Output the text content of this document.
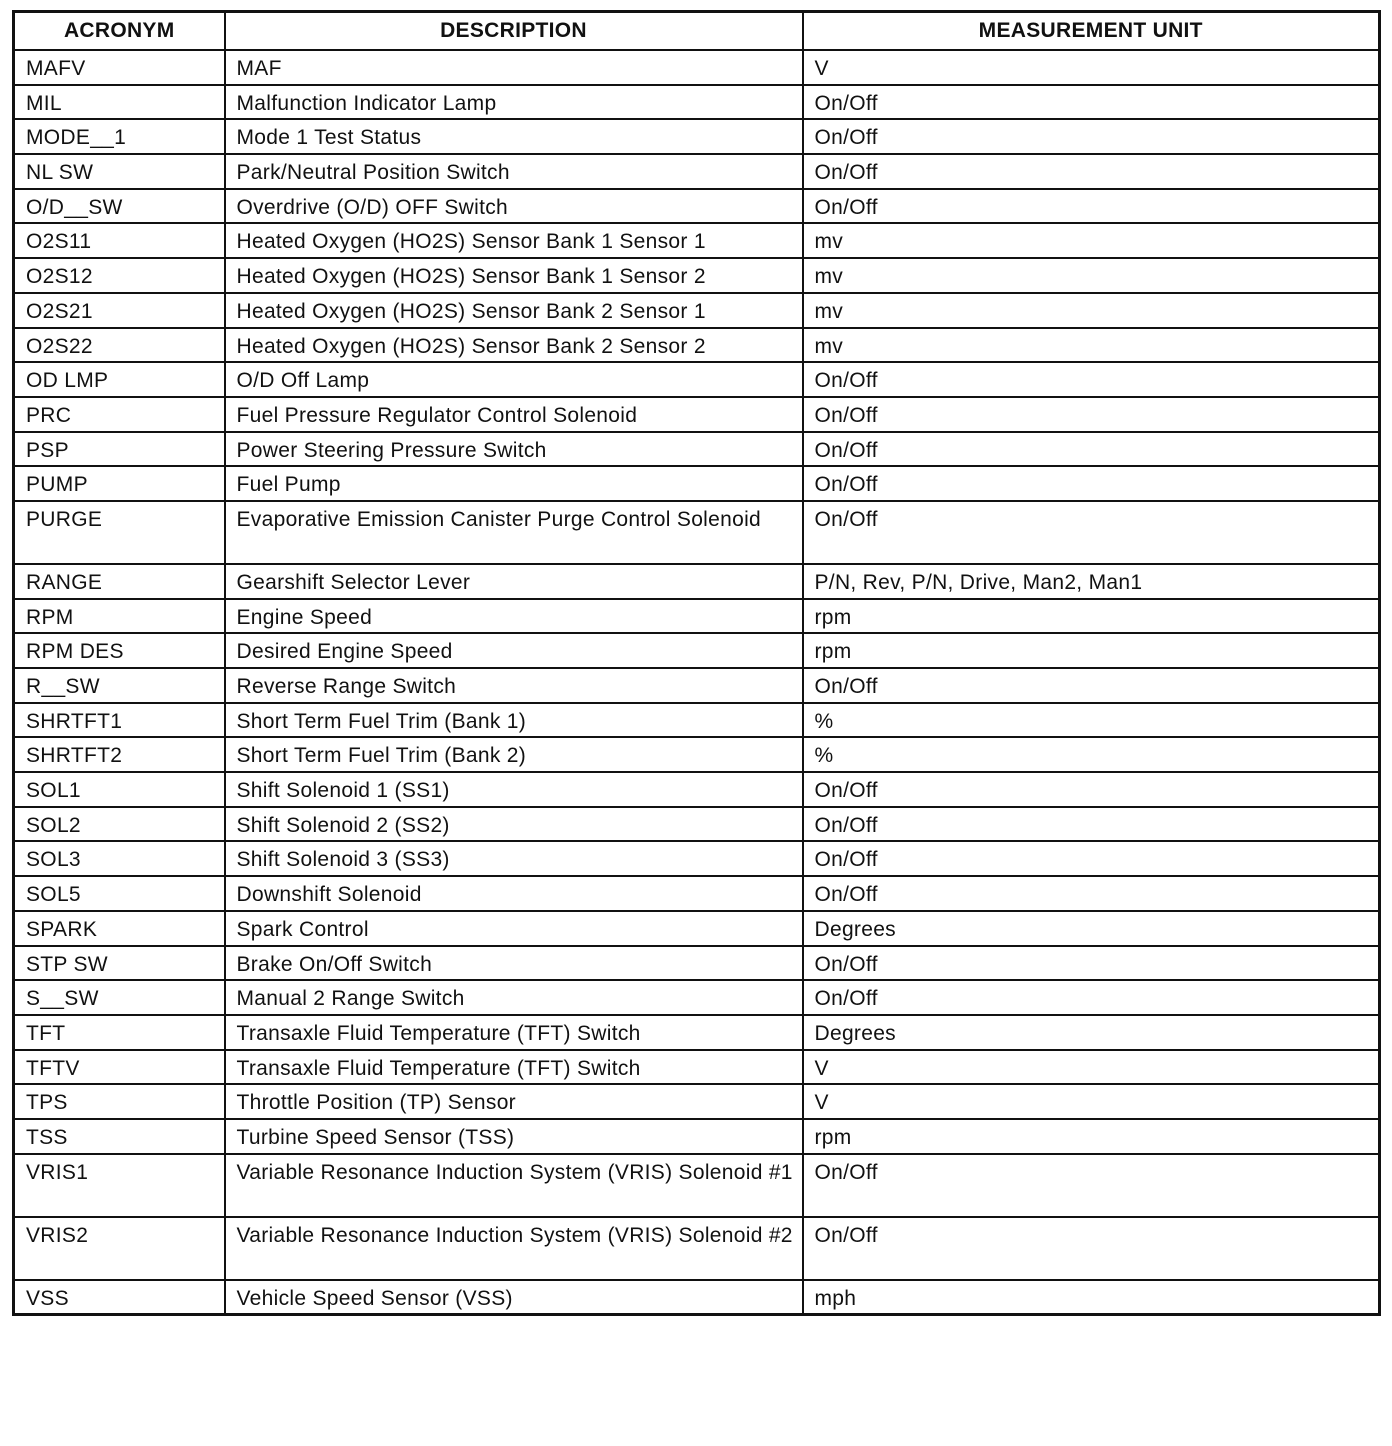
ACRONYM	DESCRIPTION	MEASUREMENT UNIT
MAFV	MAF	V
MIL	Malfunction Indicator Lamp	On/Off
MODE__1	Mode 1 Test Status	On/Off
NL SW	Park/Neutral Position Switch	On/Off
O/D__SW	Overdrive (O/D) OFF Switch	On/Off
O2S11	Heated Oxygen (HO2S) Sensor Bank 1 Sensor 1	mv
O2S12	Heated Oxygen (HO2S) Sensor Bank 1 Sensor 2	mv
O2S21	Heated Oxygen (HO2S) Sensor Bank 2 Sensor 1	mv
O2S22	Heated Oxygen (HO2S) Sensor Bank 2 Sensor 2	mv
OD LMP	O/D Off Lamp	On/Off
PRC	Fuel Pressure Regulator Control Solenoid	On/Off
PSP	Power Steering Pressure Switch	On/Off
PUMP	Fuel Pump	On/Off
PURGE	Evaporative Emission Canister Purge Control Solenoid	On/Off
RANGE	Gearshift Selector Lever	P/N, Rev, P/N, Drive, Man2, Man1
RPM	Engine Speed	rpm
RPM DES	Desired Engine Speed	rpm
R__SW	Reverse Range Switch	On/Off
SHRTFT1	Short Term Fuel Trim (Bank 1)	%
SHRTFT2	Short Term Fuel Trim (Bank 2)	%
SOL1	Shift Solenoid 1 (SS1)	On/Off
SOL2	Shift Solenoid 2 (SS2)	On/Off
SOL3	Shift Solenoid 3 (SS3)	On/Off
SOL5	Downshift Solenoid	On/Off
SPARK	Spark Control	Degrees
STP SW	Brake On/Off Switch	On/Off
S__SW	Manual 2 Range Switch	On/Off
TFT	Transaxle Fluid Temperature (TFT) Switch	Degrees
TFTV	Transaxle Fluid Temperature (TFT) Switch	V
TPS	Throttle Position (TP) Sensor	V
TSS	Turbine Speed Sensor (TSS)	rpm
VRIS1	Variable Resonance Induction System (VRIS) Solenoid #1	On/Off
VRIS2	Variable Resonance Induction System (VRIS) Solenoid #2	On/Off
VSS	Vehicle Speed Sensor (VSS)	mph
